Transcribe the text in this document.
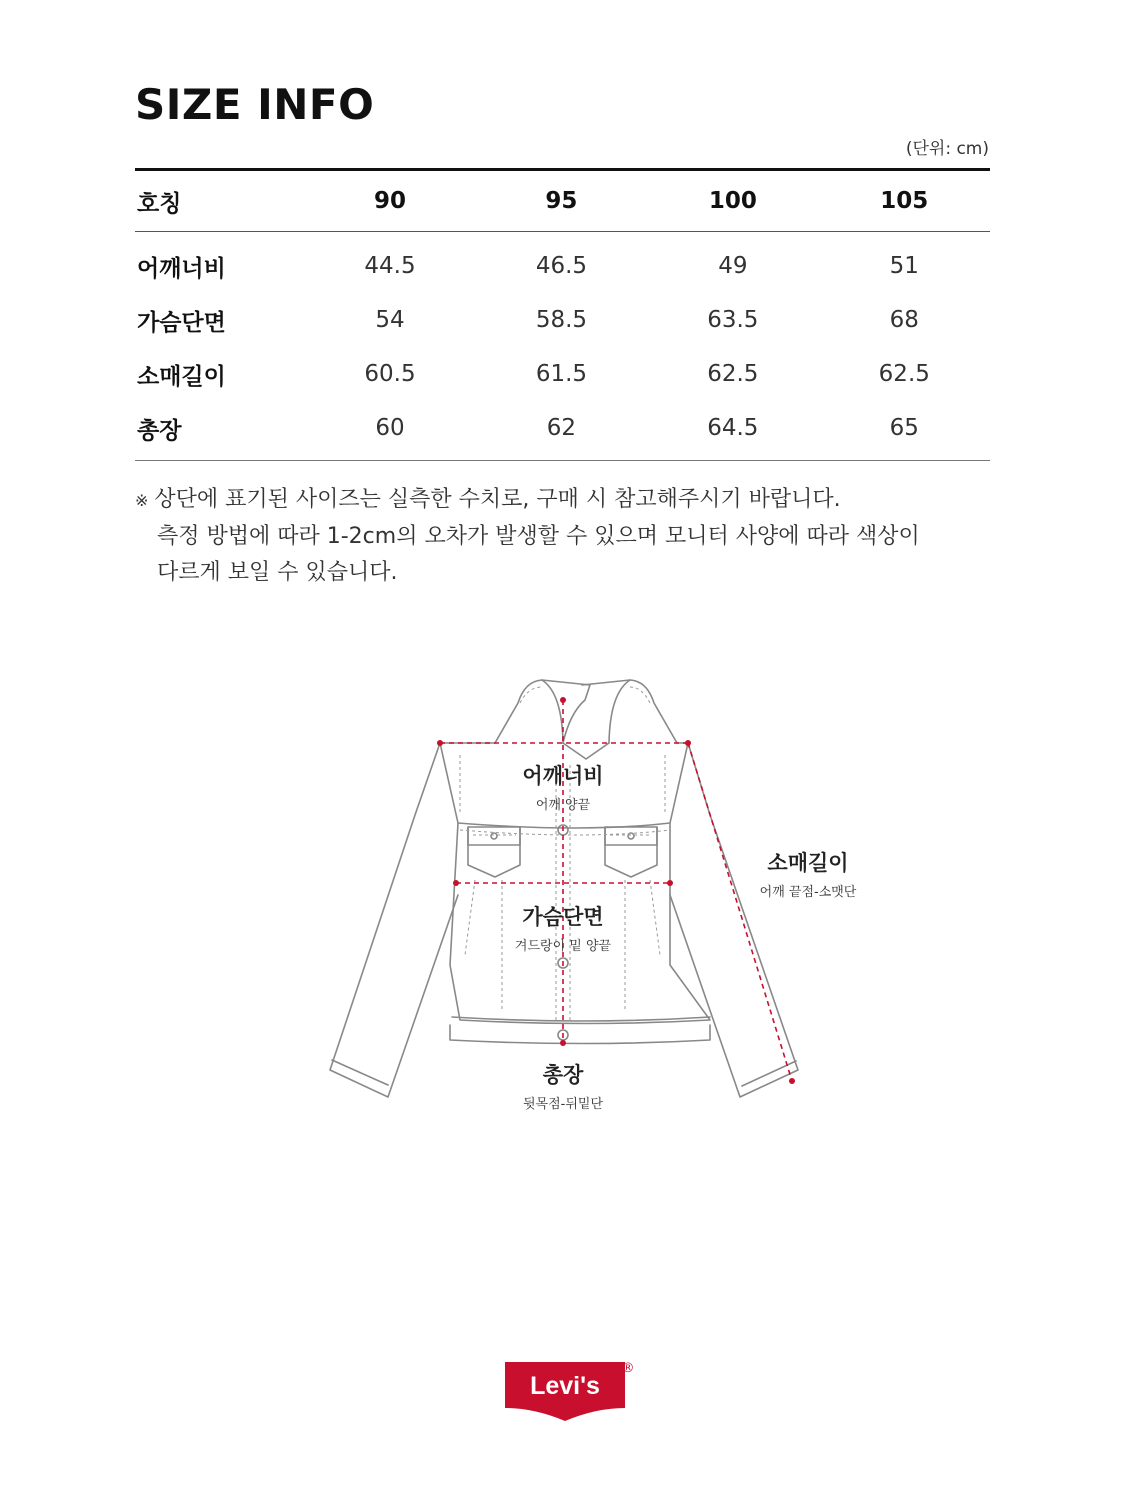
SIZE INFO
(단위: cm)
호칭	90	95	100	105
어깨너비	44.5	46.5	49	51
가슴단면	54	58.5	63.5	68
소매길이	60.5	61.5	62.5	62.5
총장	60	62	64.5	65
※ 상단에 표기된 사이즈는 실측한 수치로, 구매 시 참고해주시기 바랍니다.
측정 방법에 따라 1-2cm의 오차가 발생할 수 있으며 모니터 사양에 따라 색상이
다르게 보일 수 있습니다.
어깨너비
어깨 양끝
가슴단면
겨드랑이 밑 양끝
소매길이
어깨 끝점-소맷단
총장
뒷목점-뒤밑단
Levi's
®
